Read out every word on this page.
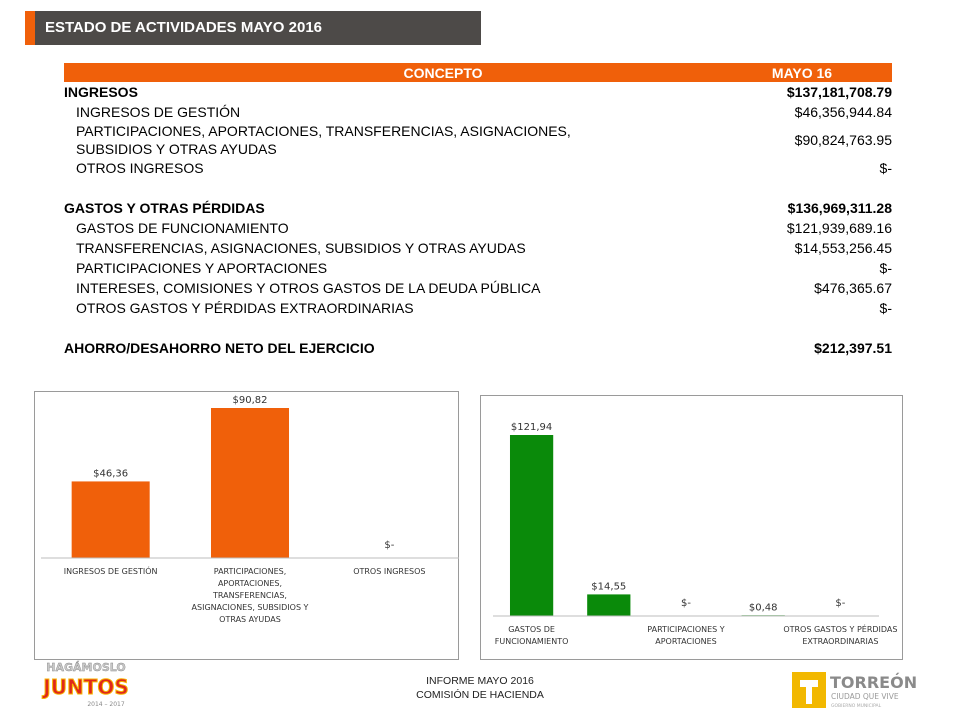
ESTADO DE ACTIVIDADES MAYO 2016
CONCEPTO	MAYO 16
INGRESOS	$137,181,708.79
INGRESOS DE GESTIÓN	$46,356,944.84
PARTICIPACIONES, APORTACIONES, TRANSFERENCIAS, ASIGNACIONES, SUBSIDIOS Y OTRAS AYUDAS	$90,824,763.95
OTROS INGRESOS	$-

GASTOS Y OTRAS PÉRDIDAS	$136,969,311.28
GASTOS DE FUNCIONAMIENTO	$121,939,689.16
TRANSFERENCIAS, ASIGNACIONES, SUBSIDIOS Y OTRAS AYUDAS	$14,553,256.45
PARTICIPACIONES Y APORTACIONES	$-
INTERESES, COMISIONES Y OTROS GASTOS DE LA DEUDA PÚBLICA	$476,365.67
OTROS GASTOS Y PÉRDIDAS EXTRAORDINARIAS	$-

AHORRO/DESAHORRO NETO DEL EJERCICIO	$212,397.51
$46,36
INGRESOS DE GESTIÓN
$90,82
PARTICIPACIONES,
APORTACIONES,
TRANSFERENCIAS,
ASIGNACIONES, SUBSIDIOS Y
OTRAS AYUDAS
$-
OTROS INGRESOS
$121,94
GASTOS DE
FUNCIONAMIENTO
$14,55
$-
PARTICIPACIONES Y
APORTACIONES
$0,48	$-
OTROS GASTOS Y PÉRDIDAS
EXTRAORDINARIAS
HAGÁMOSLO
JUNTOS
2014 – 2017
INFORME MAYO 2016
COMISIÓN DE HACIENDA
TORREÓN
CIUDAD QUE VIVE
GOBIERNO MUNICIPAL
